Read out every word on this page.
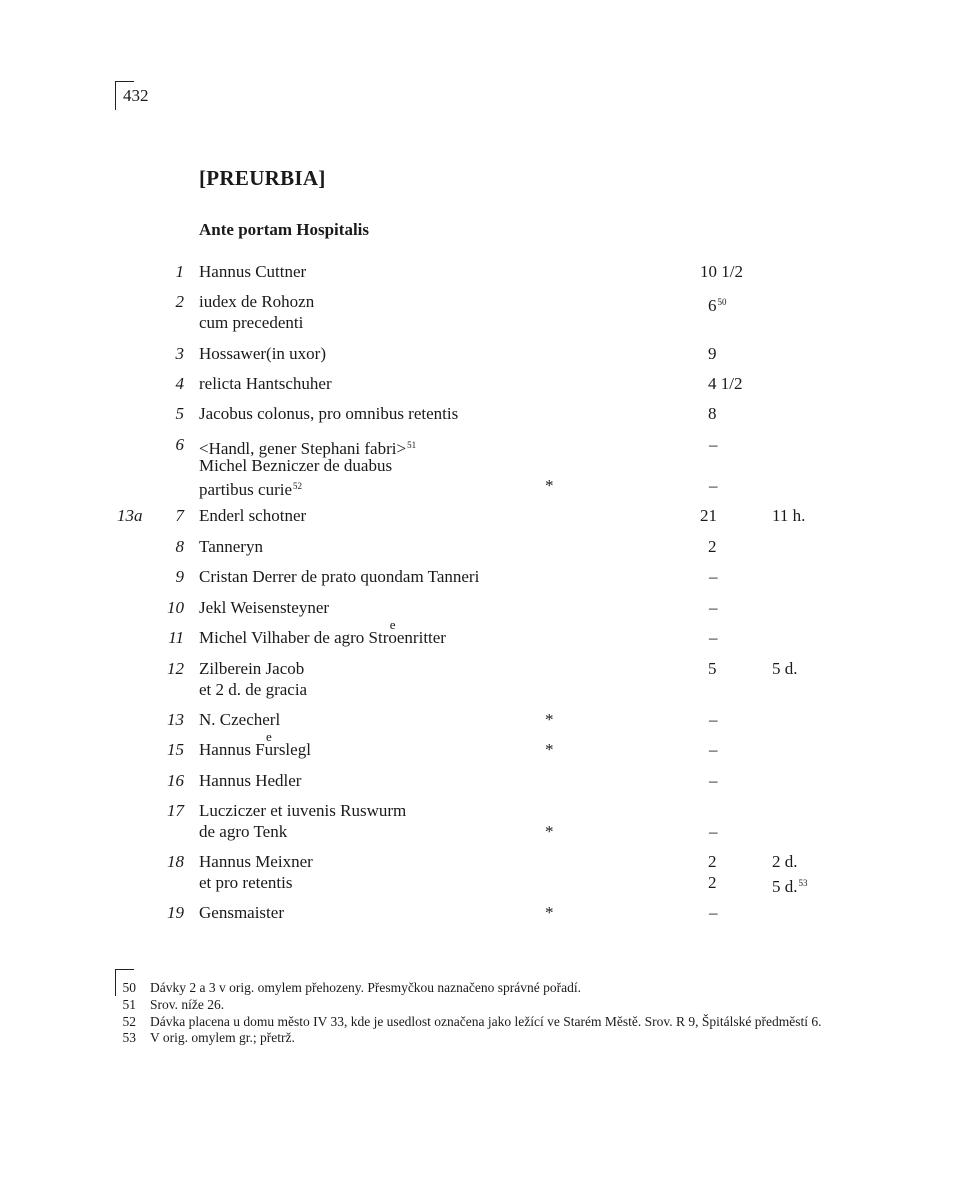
432
[PREURBIA]
Ante portam Hospitalis
1 Hannus Cuttner	10 1/2
2 iudex de Rohozn	6$^{50}$
cum precedenti
3 Hossawer(in uxor)	9
4 relicta Hantschuher	4 1/2
5 Jacobus colonus, pro omnibus retentis	8
6 <Handl, gener Stephani fabri>$^{51}$	–
Michel Bezniczer de duabus
partibus curie$^{52}$	*	–
13a	7 Enderl schotner	21	11 h.
8 Tanneryn	2
9 Cristan Derrer de prato quondam Tanneri	–
10 Jekl Weisensteyner	–
11 Michel Vilhaber de agro Stro
e
enritter	–
12 Zilberein Jacob	5	5 d.
et 2 d. de gracia
13 N. Czecherl	*	–
15 Hannus Fu
e
rslegl	*	–
16 Hannus Hedler	–
17 Lucziczer et iuvenis Ruswurm
de agro Tenk	*	–
18 Hannus Meixner	2	2 d.
et pro retentis	2	5 d.$^{53}$
19 Gensmaister	*	–
50 Dávky 2 a 3 v orig. omylem přehozeny. Přesmyčkou naznačeno správné pořadí.
51 Srov. níže 26.
52 Dávka placena u domu město IV 33, kde je usedlost označena jako ležící ve Starém Městě. Srov. R 9, Špitálské předměstí 6.
53 V orig. omylem gr.; přetrž.
